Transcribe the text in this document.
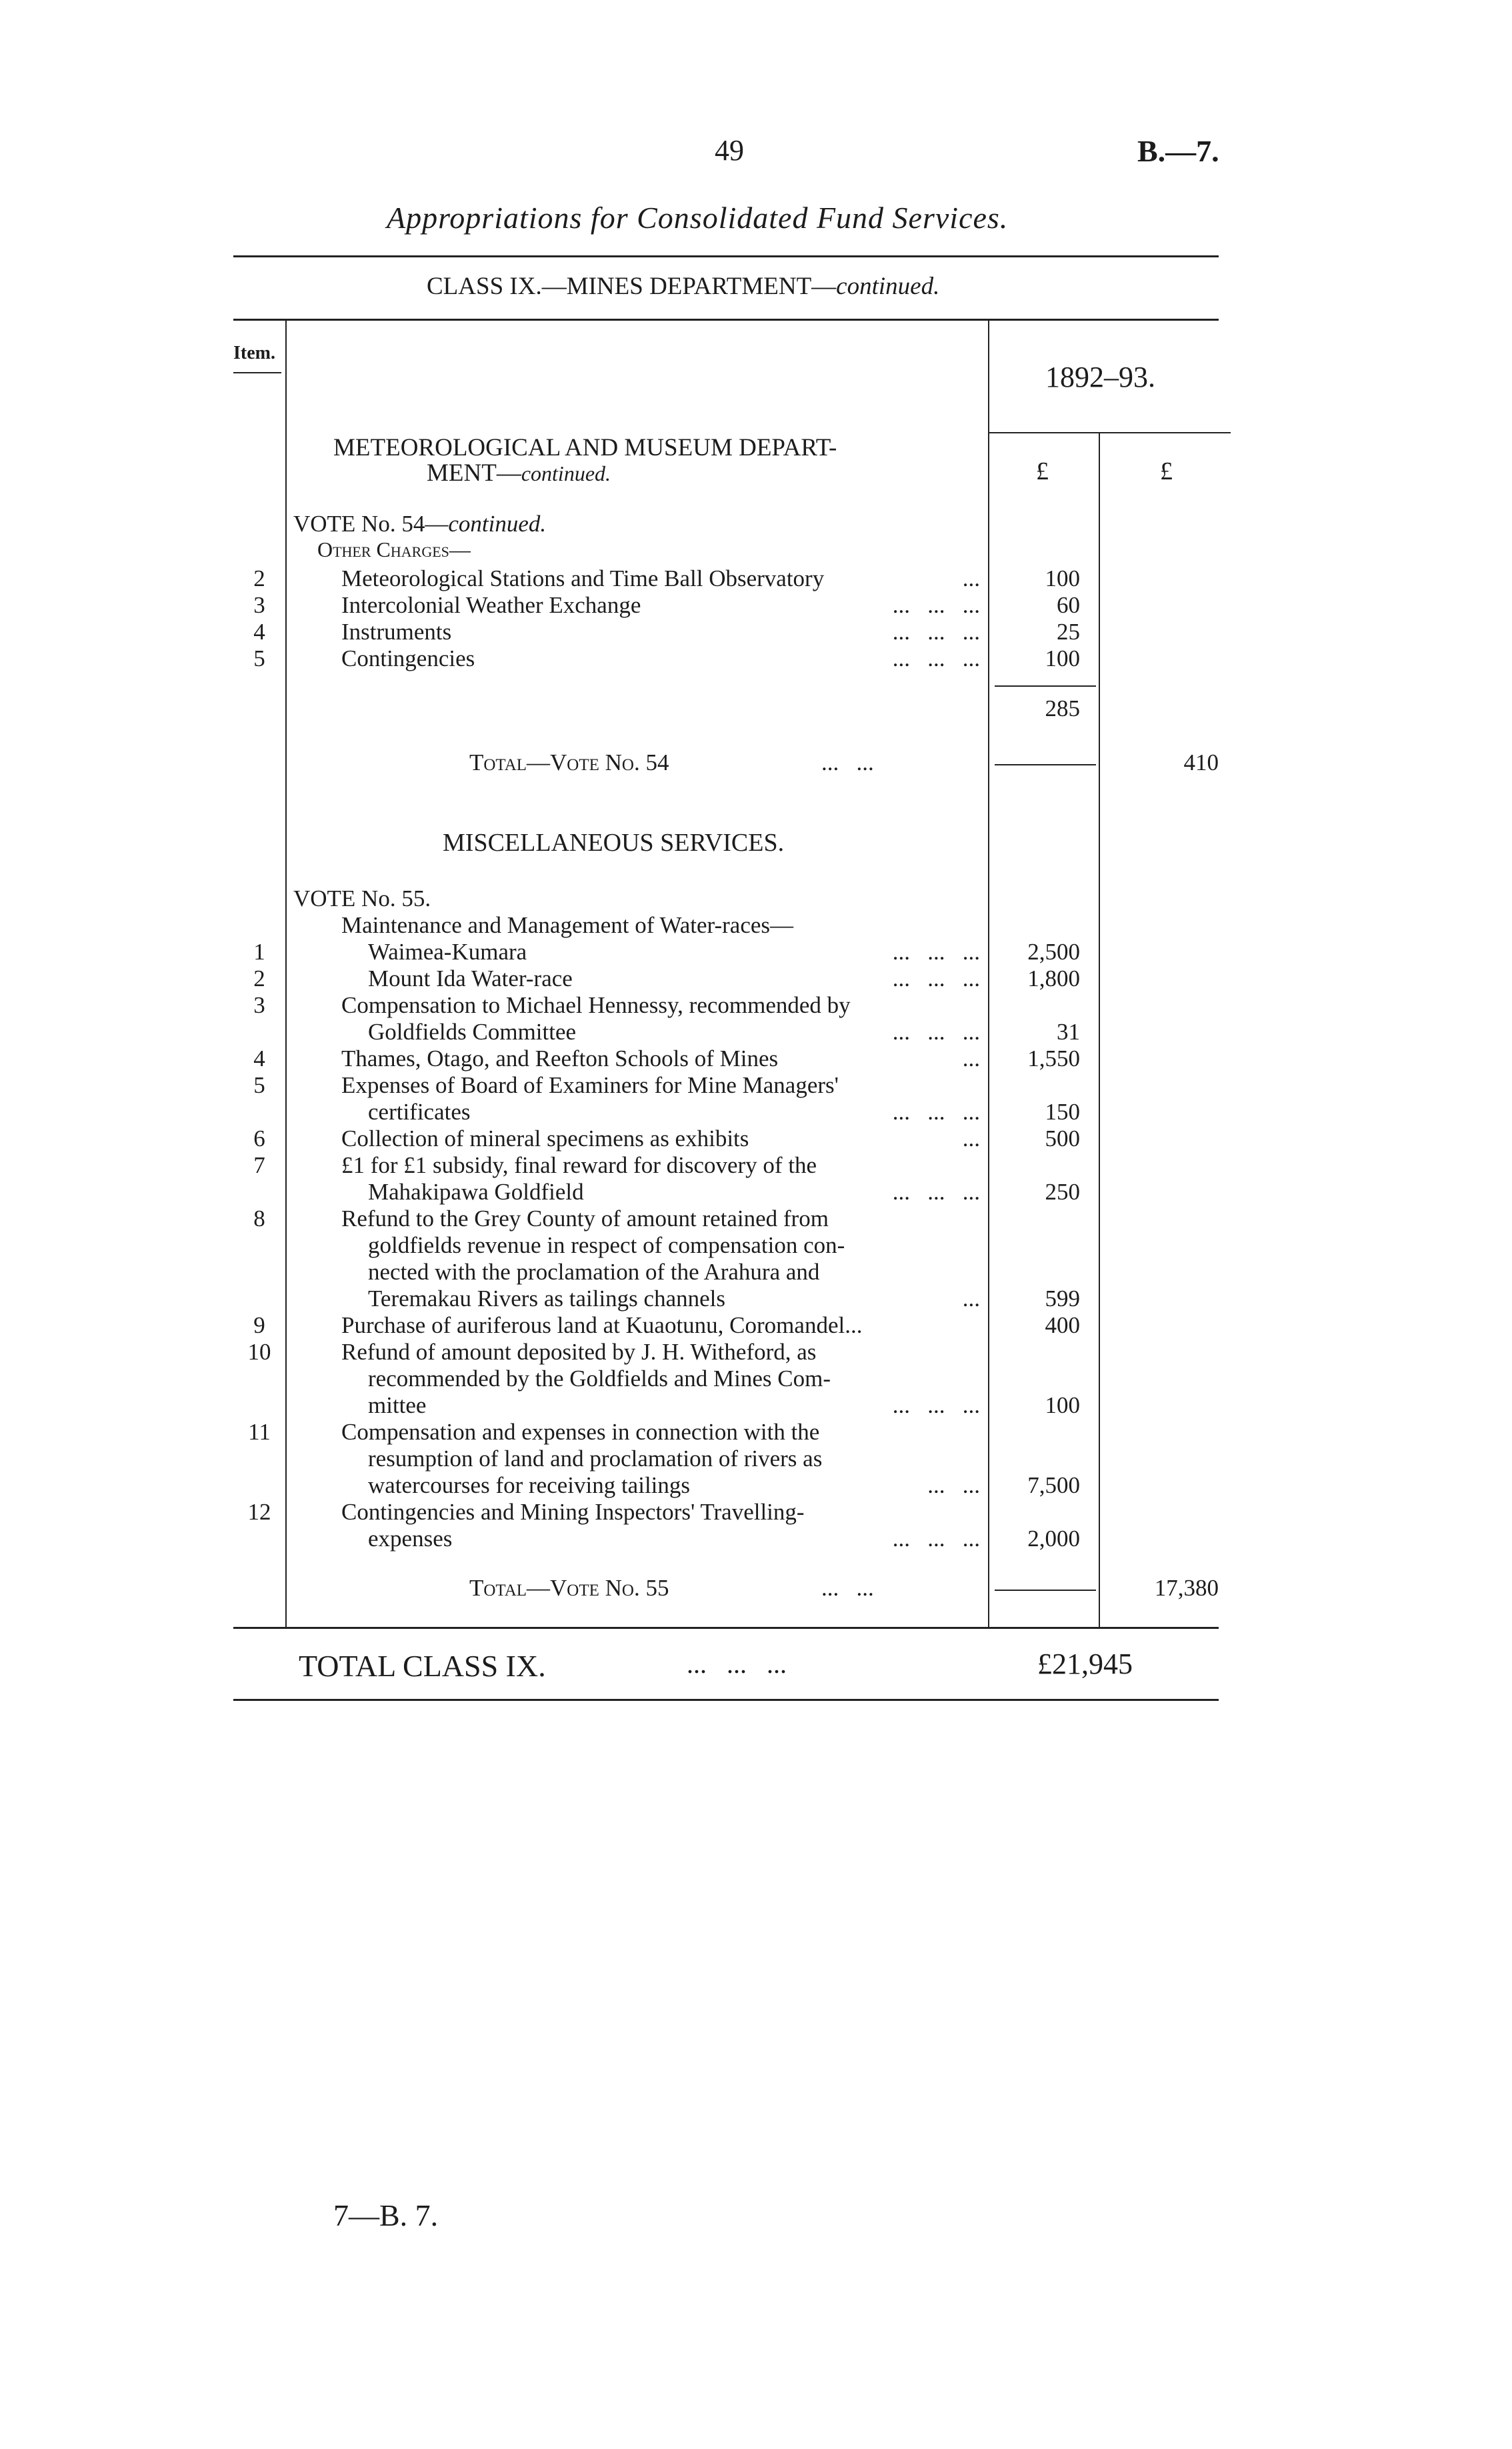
49	B.—7.
Appropriations for Consolidated Fund Services.
CLASS IX.—MINES DEPARTMENT—continued.
Item.
1892–93.
£	£
METEOROLOGICAL AND MUSEUM DEPART-
MENT—continued.
VOTE No. 54—continued.
Other Charges—
2	Meteorological Stations and Time Ball Observatory	...	100
3	Intercolonial Weather Exchange	...   ...   ...	60
4	Instruments	...   ...   ...	25
5	Contingencies	...   ...   ...	100
285
Total—Vote No. 54	...   ...	410
MISCELLANEOUS SERVICES.
VOTE No. 55.
Maintenance and Management of Water-races—
1	Waimea-Kumara	...   ...   ...	2,500
2	Mount Ida Water-race	...   ...   ...	1,800
3	Compensation to Michael Hennessy, recommended by
Goldfields Committee	...   ...   ...	31
4	Thames, Otago, and Reefton Schools of Mines	...	1,550
5	Expenses of Board of Examiners for Mine Managers'
certificates	...   ...   ...	150
6	Collection of mineral specimens as exhibits	...	500
7	£1 for £1 subsidy, final reward for discovery of the
Mahakipawa Goldfield	...   ...   ...	250
8	Refund to the Grey County of amount retained from
goldfields revenue in respect of compensation con-
nected with the proclamation of the Arahura and
Teremakau Rivers as tailings channels	...	599
9	Purchase of auriferous land at Kuaotunu, Coromandel...	400
10	Refund of amount deposited by J. H. Witheford, as
recommended by the Goldfields and Mines Com-
mittee	...   ...   ...	100
11	Compensation and expenses in connection with the
resumption of land and proclamation of rivers as
watercourses for receiving tailings	...   ...	7,500
12	Contingencies and Mining Inspectors' Travelling-
expenses	...   ...   ...	2,000
Total—Vote No. 55	...   ...	17,380
TOTAL CLASS IX.	...   ...   ...	£21,945
7—B. 7.
